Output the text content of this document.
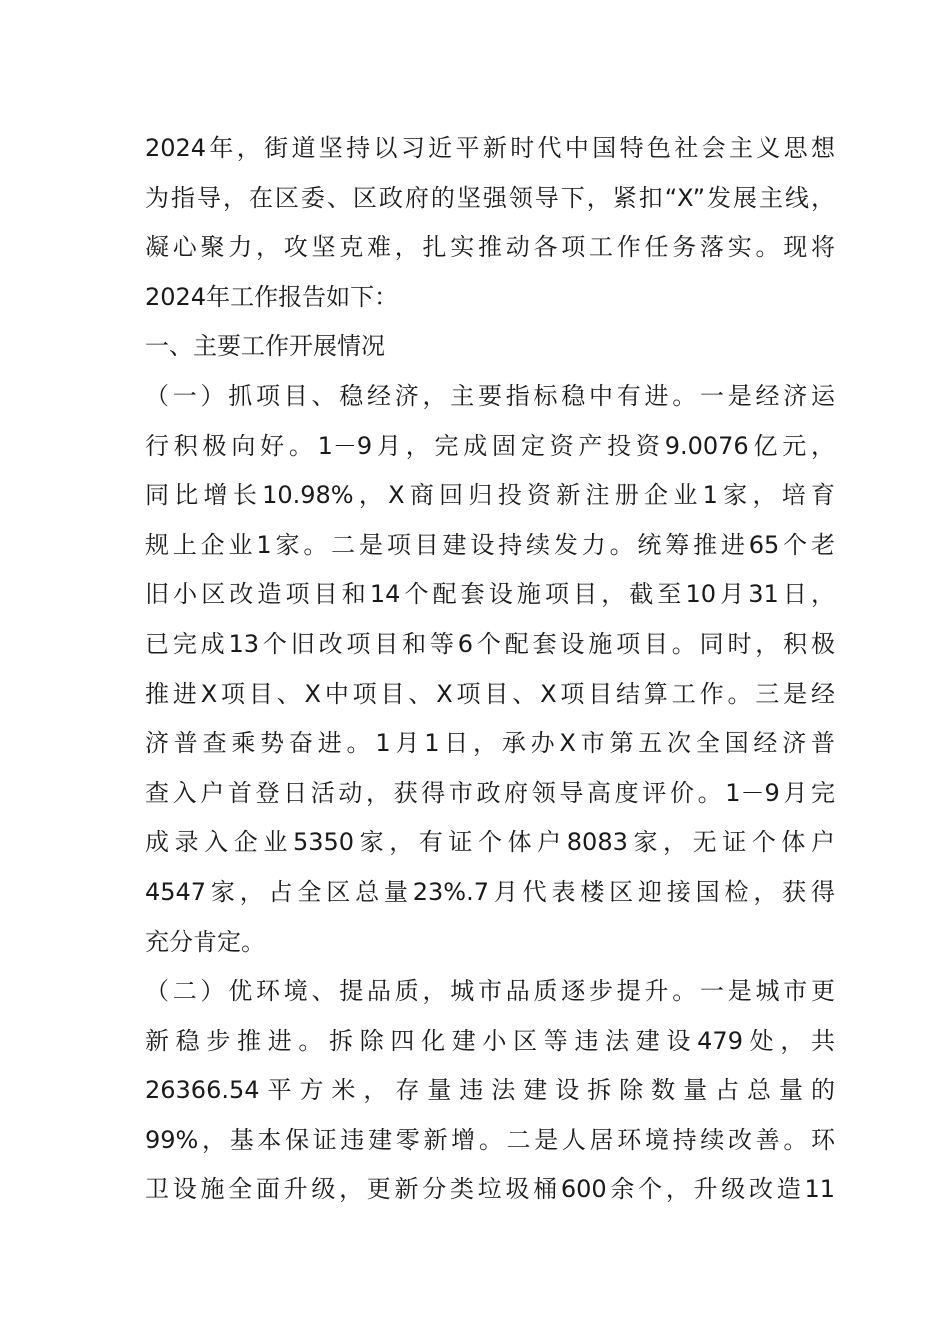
2024年，街道坚持以习近平新时代中国特色社会主义思想
为指导，在区委、区政府的坚强领导下，紧扣“X”发展主线，
凝心聚力，攻坚克难，扎实推动各项工作任务落实。现将
2024年工作报告如下：
一、主要工作开展情况
（一）抓项目、稳经济，主要指标稳中有进。一是经济运
行积极向好。1－9月，完成固定资产投资9.0076亿元，
同比增长10.98%，X商回归投资新注册企业1家，培育
规上企业1家。二是项目建设持续发力。统筹推进65个老
旧小区改造项目和14个配套设施项目，截至10月31日，
已完成13个旧改项目和等6个配套设施项目。同时，积极
推进X项目、X中项目、X项目、X项目结算工作。三是经
济普查乘势奋进。1月1日，承办X市第五次全国经济普
查入户首登日活动，获得市政府领导高度评价。1－9月完
成录入企业5350家，有证个体户8083家，无证个体户
4547家，占全区总量23%.7月代表楼区迎接国检，获得
充分肯定。
（二）优环境、提品质，城市品质逐步提升。一是城市更
新稳步推进。拆除四化建小区等违法建设479处，共
26366.54平方米，存量违法建设拆除数量占总量的
99%，基本保证违建零新增。二是人居环境持续改善。环
卫设施全面升级，更新分类垃圾桶600余个，升级改造11
